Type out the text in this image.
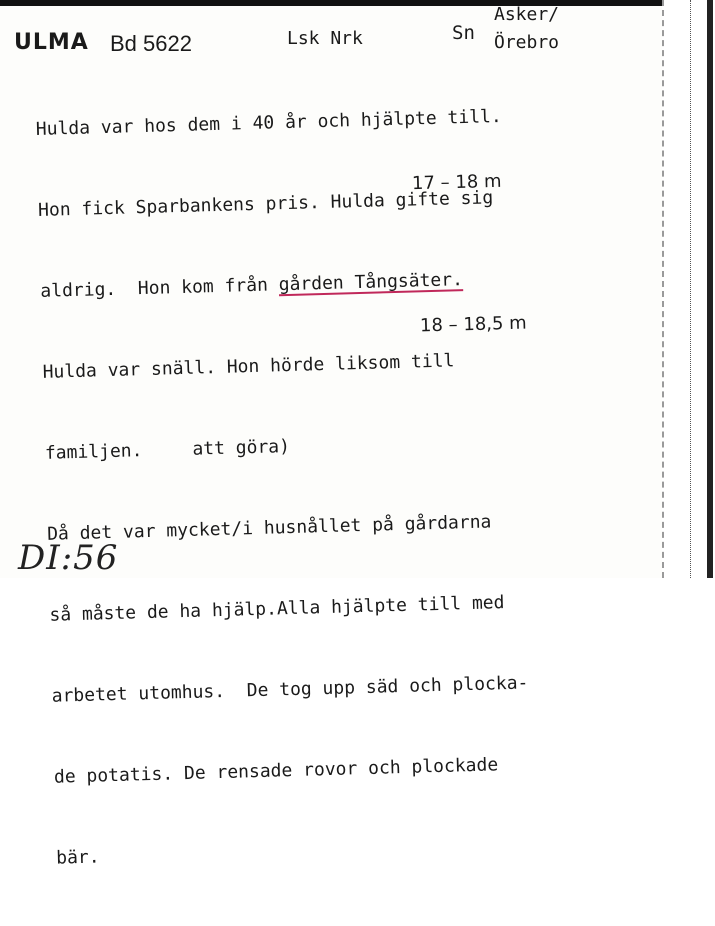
ULMA Bd 5622	Lsk Nrk	Sn
Asker/
Örebro

Hulda var hos dem i 40 år och hjälpte till.

Hon fick Sparbankens pris. Hulda gifte sig

aldrig.  Hon kom från gården Tångsäter.

Hulda var snäll. Hon hörde liksom till

familjen.	att göra)

Då det var mycket/i husnållet på gårdarna

så måste de ha hjälp.Alla hjälpte till med

arbetet utomhus.  De tog upp säd och plocka-

de potatis. De rensade rovor och plockade

bär.

17 – 18 m
18 – 18,5 m
DI:56
